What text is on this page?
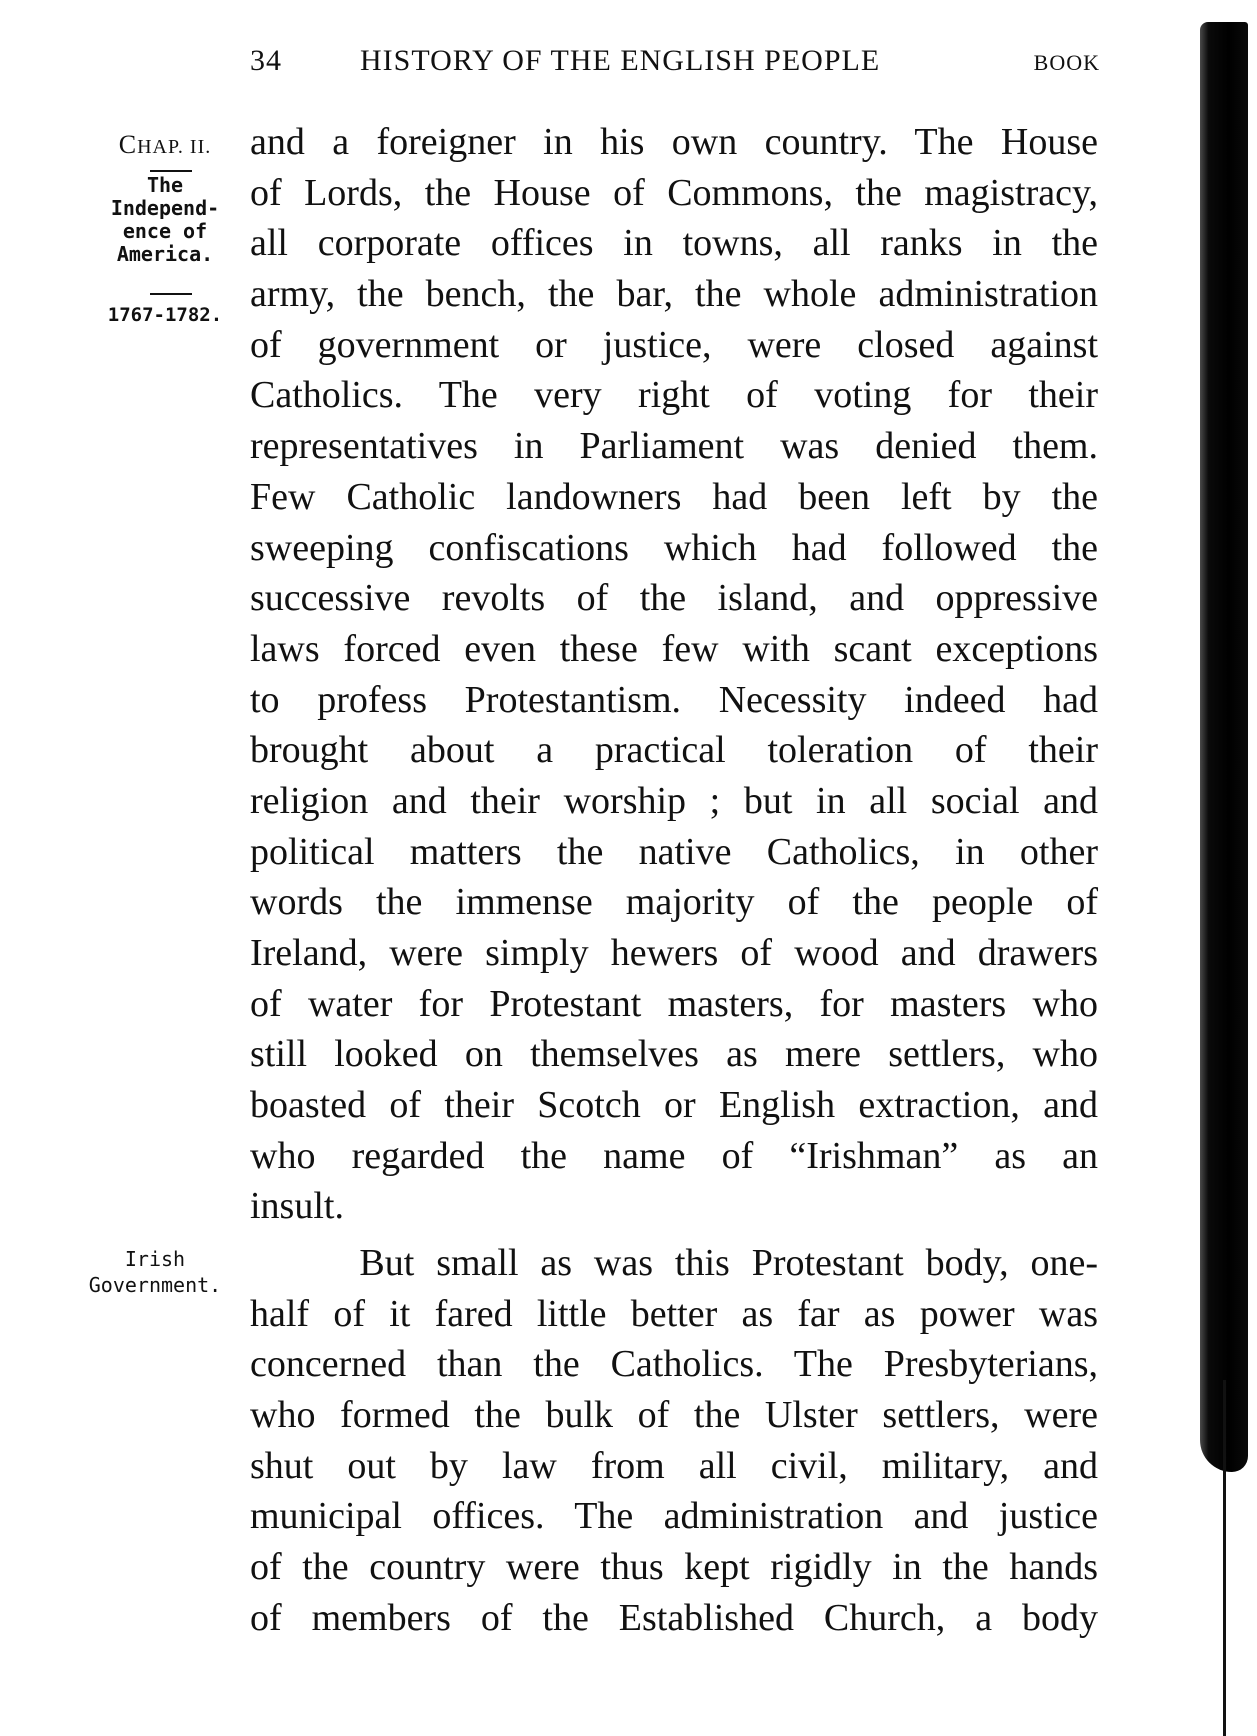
34	HISTORY OF THE ENGLISH PEOPLE	BOOK
CHAP. II.
The
Independ-
ence of
America.
1767-1782.
Irish
Government.
and a foreigner in his own country. The House
of Lords, the House of Commons, the magistracy,
all corporate offices in towns, all ranks in the
army, the bench, the bar, the whole administration
of government or justice, were closed against
Catholics. The very right of voting for their
representatives in Parliament was denied them.
Few Catholic landowners had been left by the
sweeping confiscations which had followed the
successive revolts of the island, and oppressive
laws forced even these few with scant exceptions
to profess Protestantism. Necessity indeed had
brought about a practical toleration of their
religion and their worship ; but in all social and
political matters the native Catholics, in other
words the immense majority of the people of
Ireland, were simply hewers of wood and drawers
of water for Protestant masters, for masters who
still looked on themselves as mere settlers, who
boasted of their Scotch or English extraction, and
who regarded the name of “Irishman” as an
insult.
But small as was this Protestant body, one-
half of it fared little better as far as power was
concerned than the Catholics. The Presbyterians,
who formed the bulk of the Ulster settlers, were
shut out by law from all civil, military, and
municipal offices. The administration and justice
of the country were thus kept rigidly in the hands
of members of the Established Church, a body
